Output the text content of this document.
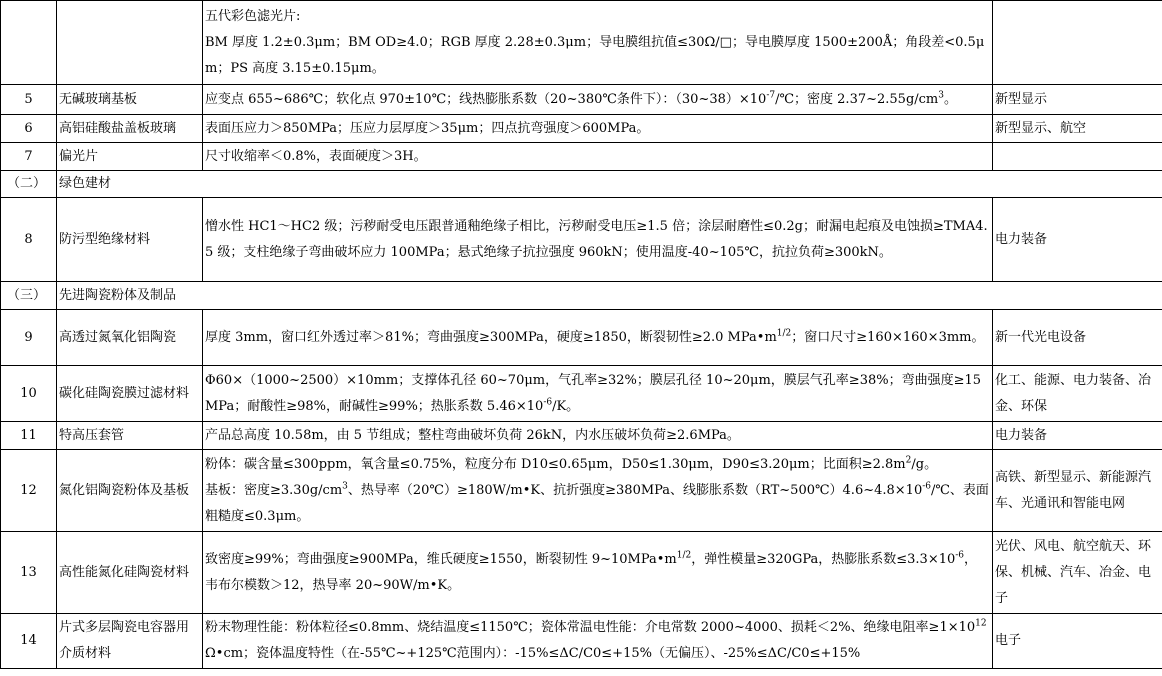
		五代彩色滤光片:
BM 厚度 1.2±0.3μm；BM OD≥4.0；RGB 厚度 2.28±0.3μm；导电膜组抗值≤30Ω/□；导电膜厚度 1500±200Å；角段差<0.5μm；PS 高度 3.15±0.15μm。	
5	无碱玻璃基板	应变点 655~686℃；软化点 970±10℃；线热膨胀系数（20~380℃条件下）：$(30\sim 38)\times 10^{-7}/℃$；密度 $2.37\sim 2.55g/cm^3$。	新型显示
6	高铝硅酸盐盖板玻璃	表面压应力＞850MPa；压应力层厚度＞35μm；四点抗弯强度＞600MPa。	新型显示、航空
7	偏光片	尺寸收缩率＜0.8%，表面硬度＞3H。	
（二）	绿色建材		
8	防污型绝缘材料	憎水性 HC1～HC2 级；污秽耐受电压跟普通釉绝缘子相比，污秽耐受电压≥1.5 倍；涂层耐磨性≤0.2g；耐漏电起痕及电蚀损≥TMA4.5 级；支柱绝缘子弯曲破坏应力 100MPa；悬式绝缘子抗拉强度 960kN；使用温度-40~105℃，抗拉负荷≥300kN。	电力装备
（三）	先进陶瓷粉体及制品		
9	高透过氮氧化铝陶瓷	厚度 3mm，窗口红外透过率＞81%；弯曲强度≥300MPa，硬度≥1850，断裂韧性≥2.0 $MPa•m^{1/2}$；窗口尺寸≥160×160×3mm。	新一代光电设备
10	碳化硅陶瓷膜过滤材料	Φ60×（1000~2500）×10mm；支撑体孔径 60~70μm，气孔率≥32%；膜层孔径 10~20μm，膜层气孔率≥38%；弯曲强度≥15MPa；耐酸性≥98%，耐碱性≥99%；热胀系数 $5.46\times 10^{-6}/K$。	化工、能源、电力装备、冶金、环保
11	特高压套管	产品总高度 10.58m，由 5 节组成；整柱弯曲破坏负荷 26kN，内水压破坏负荷≥2.6MPa。	电力装备
12	氮化铝陶瓷粉体及基板	粉体：碳含量≤300ppm，氧含量≤0.75%，粒度分布 D10≤0.65μm，D50≤1.30μm，D90≤3.20μm；比面积$\ge 2.8m^2/g$。
基板：密度$\ge 3.30g/cm^3$、热导率（20℃）≥180W/m•K、抗折强度≥380MPa、线膨胀系数$(RT\sim 500℃)4.6\sim 4.8\times 10^{-6}/℃$、表面粗糙度≤0.3μm。	高铁、新型显示、新能源汽车、光通讯和智能电网
13	高性能氮化硅陶瓷材料	致密度≥99%；弯曲强度≥900MPa，维氏硬度≥1550，断裂韧性 $9\sim 10MPa•m^{1/2}$，弹性模量≥320GPa，热膨胀系数$\le 3.3\times 10^{-6}$，韦布尔模数＞12，热导率 20~90W/m•K。	光伏、风电、航空航天、环保、机械、汽车、冶金、电子
14	片式多层陶瓷电容器用介质材料	粉末物理性能：粉体粒径≤0.8mm、烧结温度≤1150℃；瓷体常温电性能：介电常数 2000~4000、损耗＜2%、绝缘电阻率$\ge 1\times 10^{12}\Omega•cm$；瓷体温度特性（在-55℃~+125℃范围内）：-15%≤ΔC/C0≤+15%（无偏压）、-25%≤ΔC/C0≤+15%	电子
